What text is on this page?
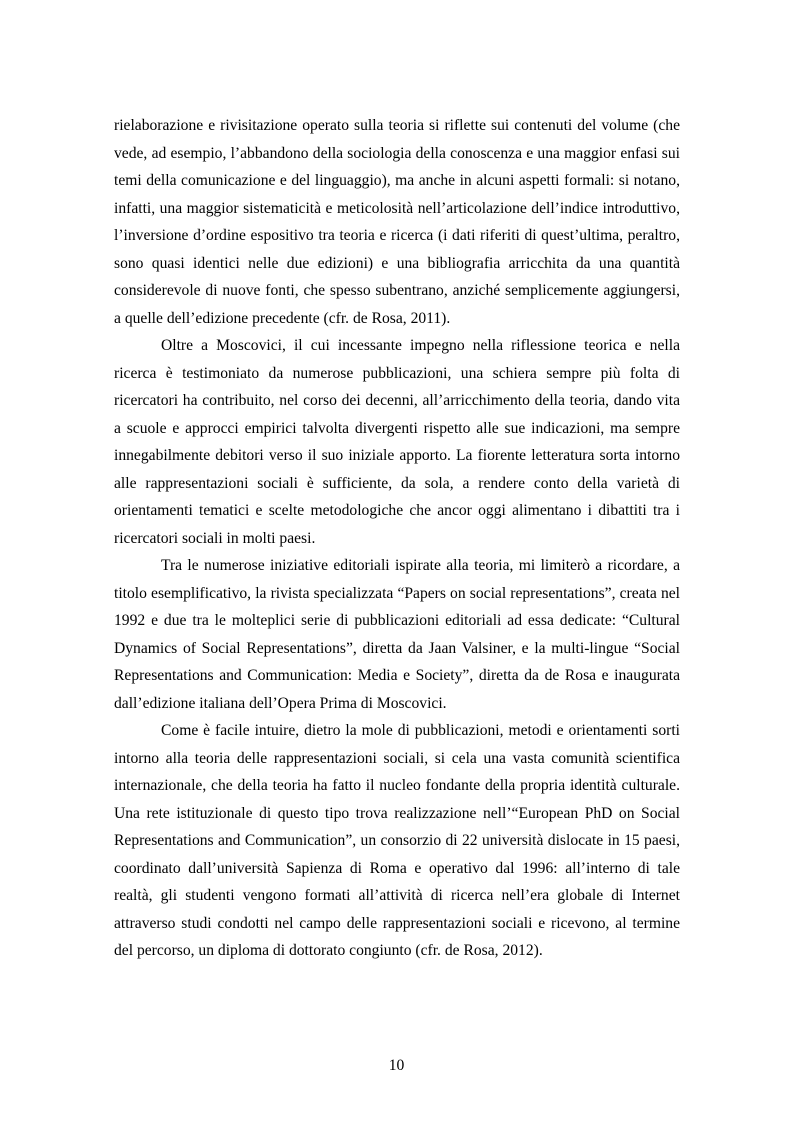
rielaborazione e rivisitazione operato sulla teoria si riflette sui contenuti del volume (che vede, ad esempio, l’abbandono della sociologia della conoscenza e una maggior enfasi sui temi della comunicazione e del linguaggio), ma anche in alcuni aspetti formali: si notano, infatti, una maggior sistematicità e meticolosità nell’articolazione dell’indice introduttivo, l’inversione d’ordine espositivo tra teoria e ricerca (i dati riferiti di quest’ultima, peraltro, sono quasi identici nelle due edizioni) e una bibliografia arricchita da una quantità considerevole di nuove fonti, che spesso subentrano, anziché semplicemente aggiungersi, a quelle dell’edizione precedente (cfr. de Rosa, 2011).

Oltre a Moscovici, il cui incessante impegno nella riflessione teorica e nella ricerca è testimoniato da numerose pubblicazioni, una schiera sempre più folta di ricercatori ha contribuito, nel corso dei decenni, all’arricchimento della teoria, dando vita a scuole e approcci empirici talvolta divergenti rispetto alle sue indicazioni, ma sempre innegabilmente debitori verso il suo iniziale apporto. La fiorente letteratura sorta intorno alle rappresentazioni sociali è sufficiente, da sola, a rendere conto della varietà di orientamenti tematici e scelte metodologiche che ancor oggi alimentano i dibattiti tra i ricercatori sociali in molti paesi.

Tra le numerose iniziative editoriali ispirate alla teoria, mi limiterò a ricordare, a titolo esemplificativo, la rivista specializzata “Papers on social representations”, creata nel 1992 e due tra le molteplici serie di pubblicazioni editoriali ad essa dedicate: “Cultural Dynamics of Social Representations”, diretta da Jaan Valsiner, e la multi-lingue “Social Representations and Communication: Media e Society”, diretta da de Rosa e inaugurata dall’edizione italiana dell’Opera Prima di Moscovici.

Come è facile intuire, dietro la mole di pubblicazioni, metodi e orientamenti sorti intorno alla teoria delle rappresentazioni sociali, si cela una vasta comunità scientifica internazionale, che della teoria ha fatto il nucleo fondante della propria identità culturale. Una rete istituzionale di questo tipo trova realizzazione nell’“European PhD on Social Representations and Communication”, un consorzio di 22 università dislocate in 15 paesi, coordinato dall’università Sapienza di Roma e operativo dal 1996: all’interno di tale realtà, gli studenti vengono formati all’attività di ricerca nell’era globale di Internet attraverso studi condotti nel campo delle rappresentazioni sociali e ricevono, al termine del percorso, un diploma di dottorato congiunto (cfr. de Rosa, 2012).

10
